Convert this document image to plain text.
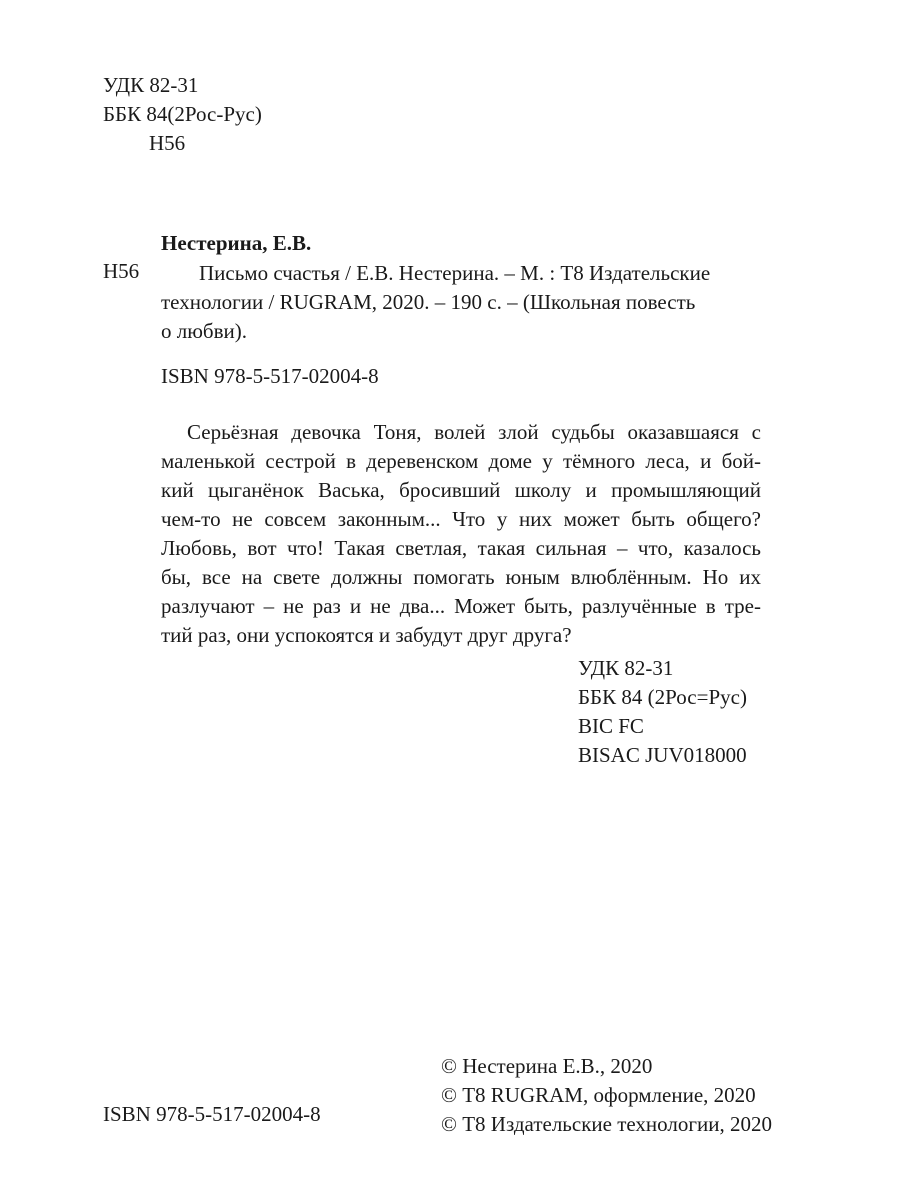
УДК 82-31
ББК 84(2Рос-Рус)
Н56
Нестерина, Е.В.
Н56	Письмо счастья / Е.В. Нестерина. – М. : Т8 Издательские
технологии / RUGRAM, 2020. – 190 с. – (Школьная повесть
о любви).
ISBN 978-5-517-02004-8
Серьёзная девочка Тоня, волей злой судьбы оказавшаяся с
маленькой сестрой в деревенском доме у тёмного леса, и бой-
кий цыганёнок Васька, бросивший школу и промышляющий
чем-то не совсем законным... Что у них может быть общего?
Любовь, вот что! Такая светлая, такая сильная – что, казалось
бы, все на свете должны помогать юным влюблённым. Но их
разлучают – не раз и не два... Может быть, разлучённые в тре-
тий раз, они успокоятся и забудут друг друга?
УДК 82-31
ББК 84 (2Рос=Рус)
BIC FC
BISAC JUV018000
© Нестерина Е.В., 2020
© Т8 RUGRAM, оформление, 2020
© Т8 Издательские технологии, 2020
ISBN 978-5-517-02004-8
